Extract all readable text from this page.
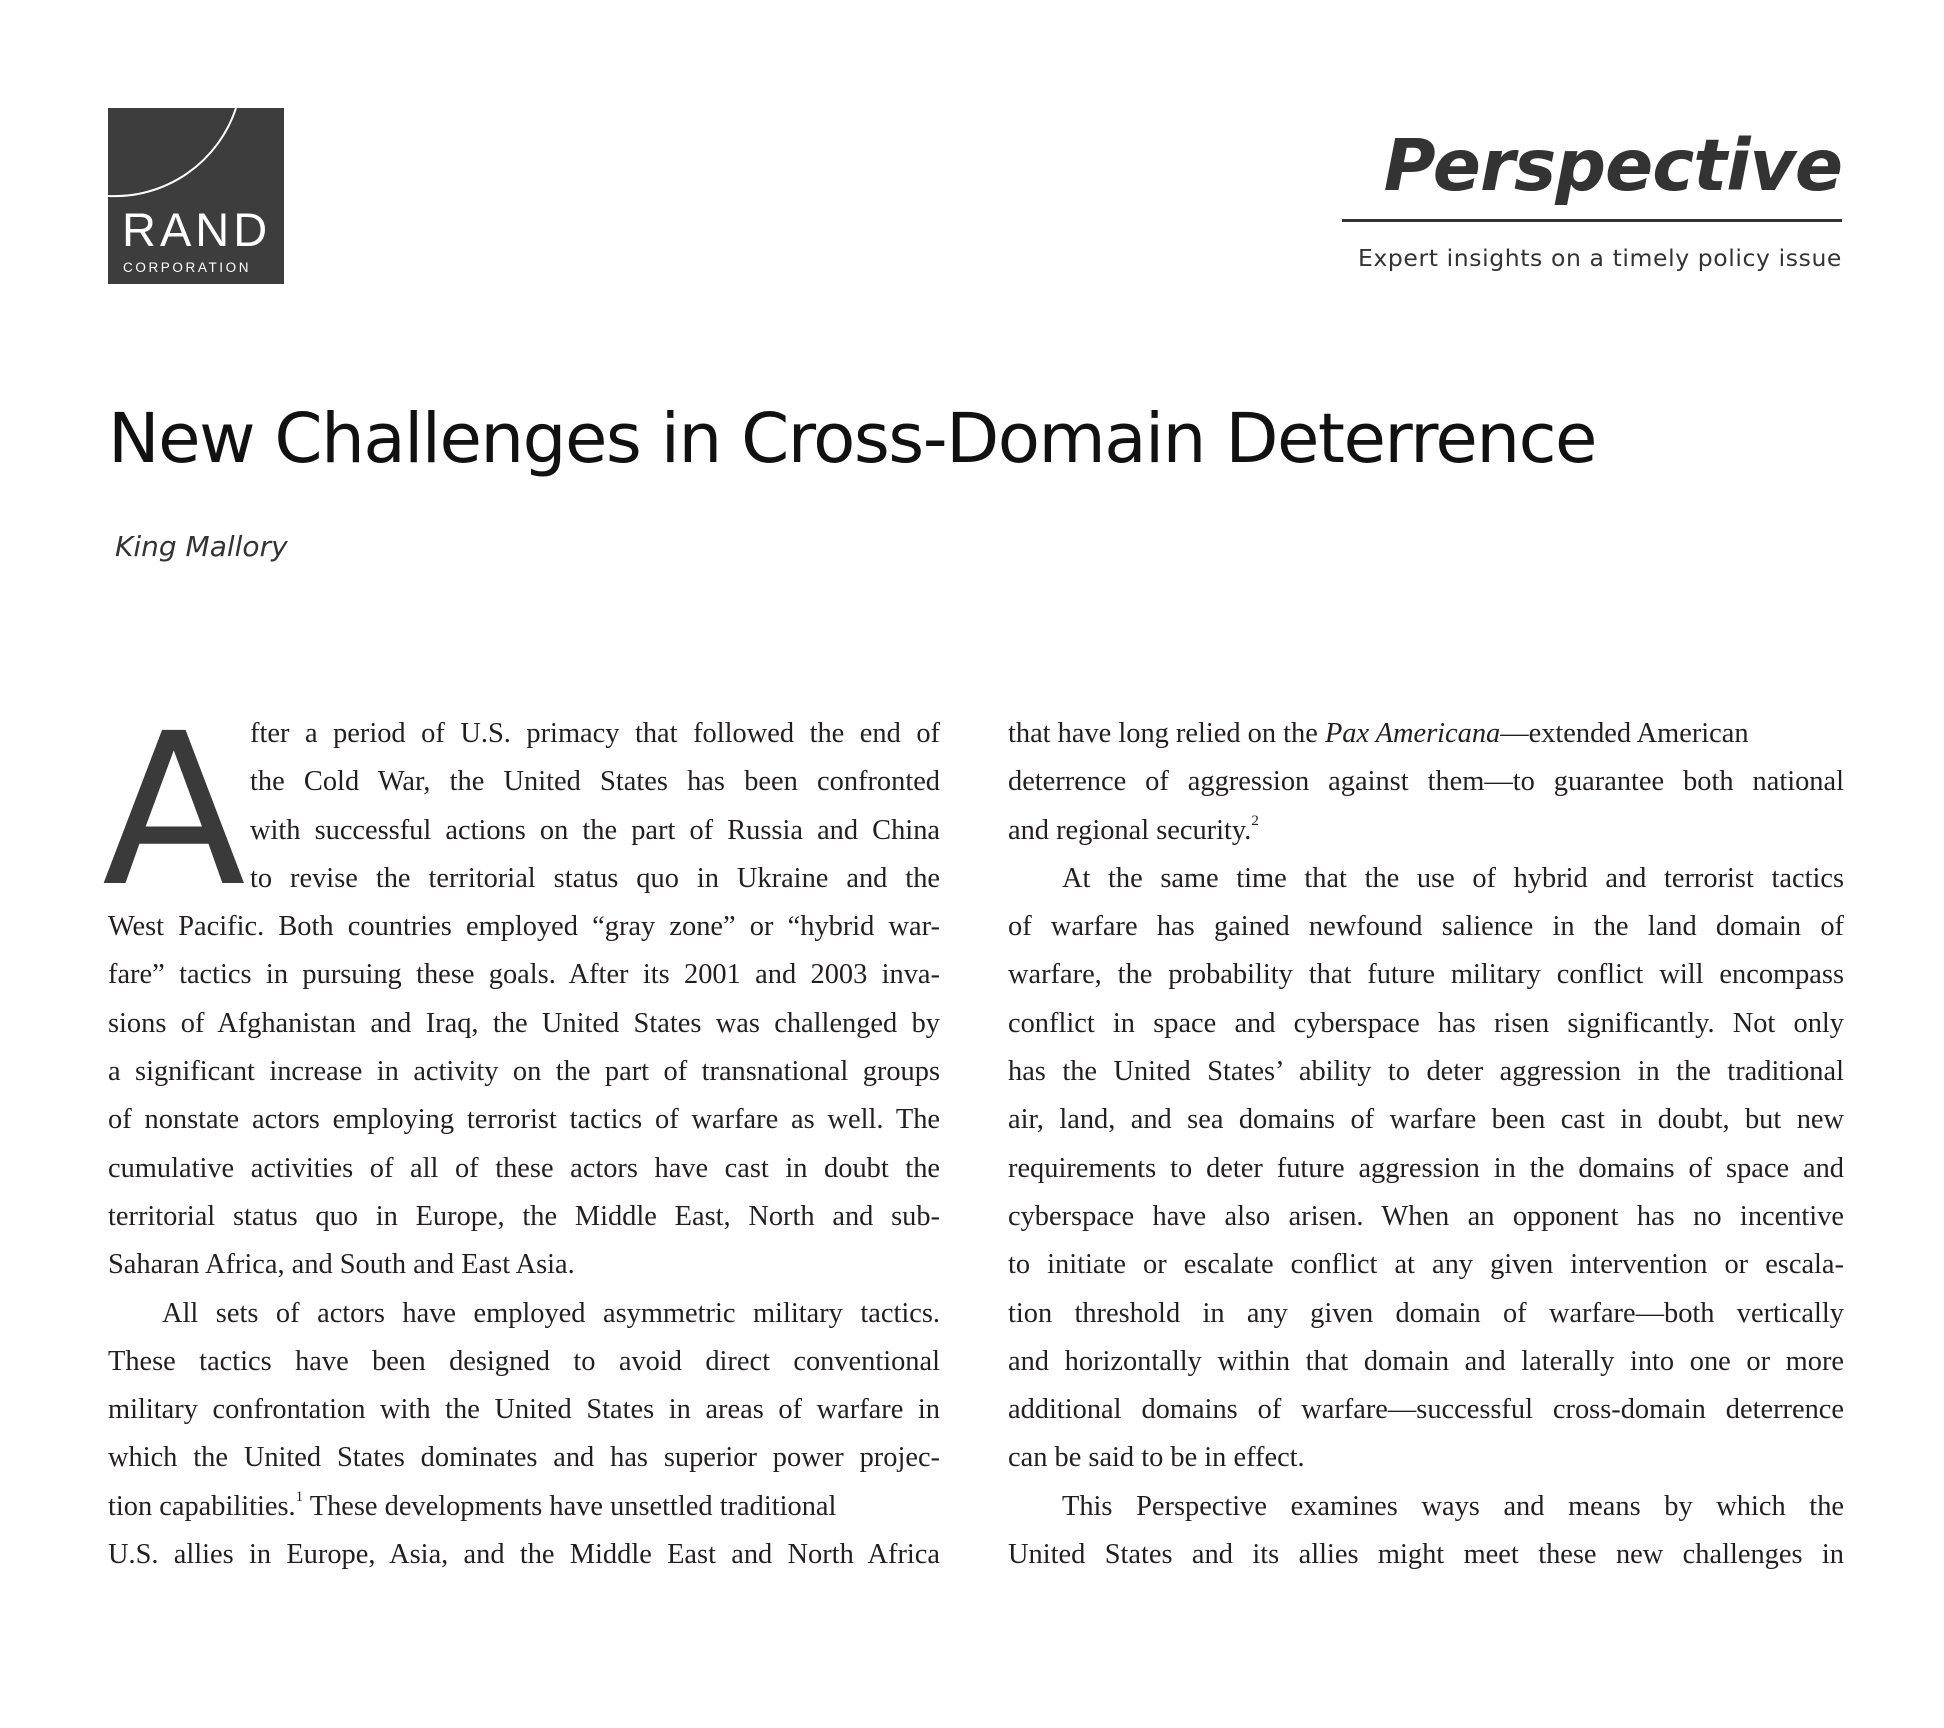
RAND
CORPORATION
Perspective
Expert insights on a timely policy issue
New Challenges in Cross-Domain Deterrence
King Mallory
A fter a period of U.S. primacy that followed the end of
the Cold War, the United States has been confronted
with successful actions on the part of Russia and China
to revise the territorial status quo in Ukraine and the
West Pacific. Both countries employed “gray zone” or “hybrid war-
fare” tactics in pursuing these goals. After its 2001 and 2003 inva-
sions of Afghanistan and Iraq, the United States was challenged by
a significant increase in activity on the part of transnational groups
of nonstate actors employing terrorist tactics of warfare as well. The
cumulative activities of all of these actors have cast in doubt the
territorial status quo in Europe, the Middle East, North and sub-
Saharan Africa, and South and East Asia.
All sets of actors have employed asymmetric military tactics.
These tactics have been designed to avoid direct conventional
military confrontation with the United States in areas of warfare in
which the United States dominates and has superior power projec-
tion capabilities.$^1$ These developments have unsettled traditional
U.S. allies in Europe, Asia, and the Middle East and North Africa
that have long relied on the Pax Americana—extended American
deterrence of aggression against them—to guarantee both national
and regional security.$^2$
At the same time that the use of hybrid and terrorist tactics
of warfare has gained newfound salience in the land domain of
warfare, the probability that future military conflict will encompass
conflict in space and cyberspace has risen significantly. Not only
has the United States’ ability to deter aggression in the traditional
air, land, and sea domains of warfare been cast in doubt, but new
requirements to deter future aggression in the domains of space and
cyberspace have also arisen. When an opponent has no incentive
to initiate or escalate conflict at any given intervention or escala-
tion threshold in any given domain of warfare—both vertically
and horizontally within that domain and laterally into one or more
additional domains of warfare—successful cross-domain deterrence
can be said to be in effect.
This Perspective examines ways and means by which the
United States and its allies might meet these new challenges in
